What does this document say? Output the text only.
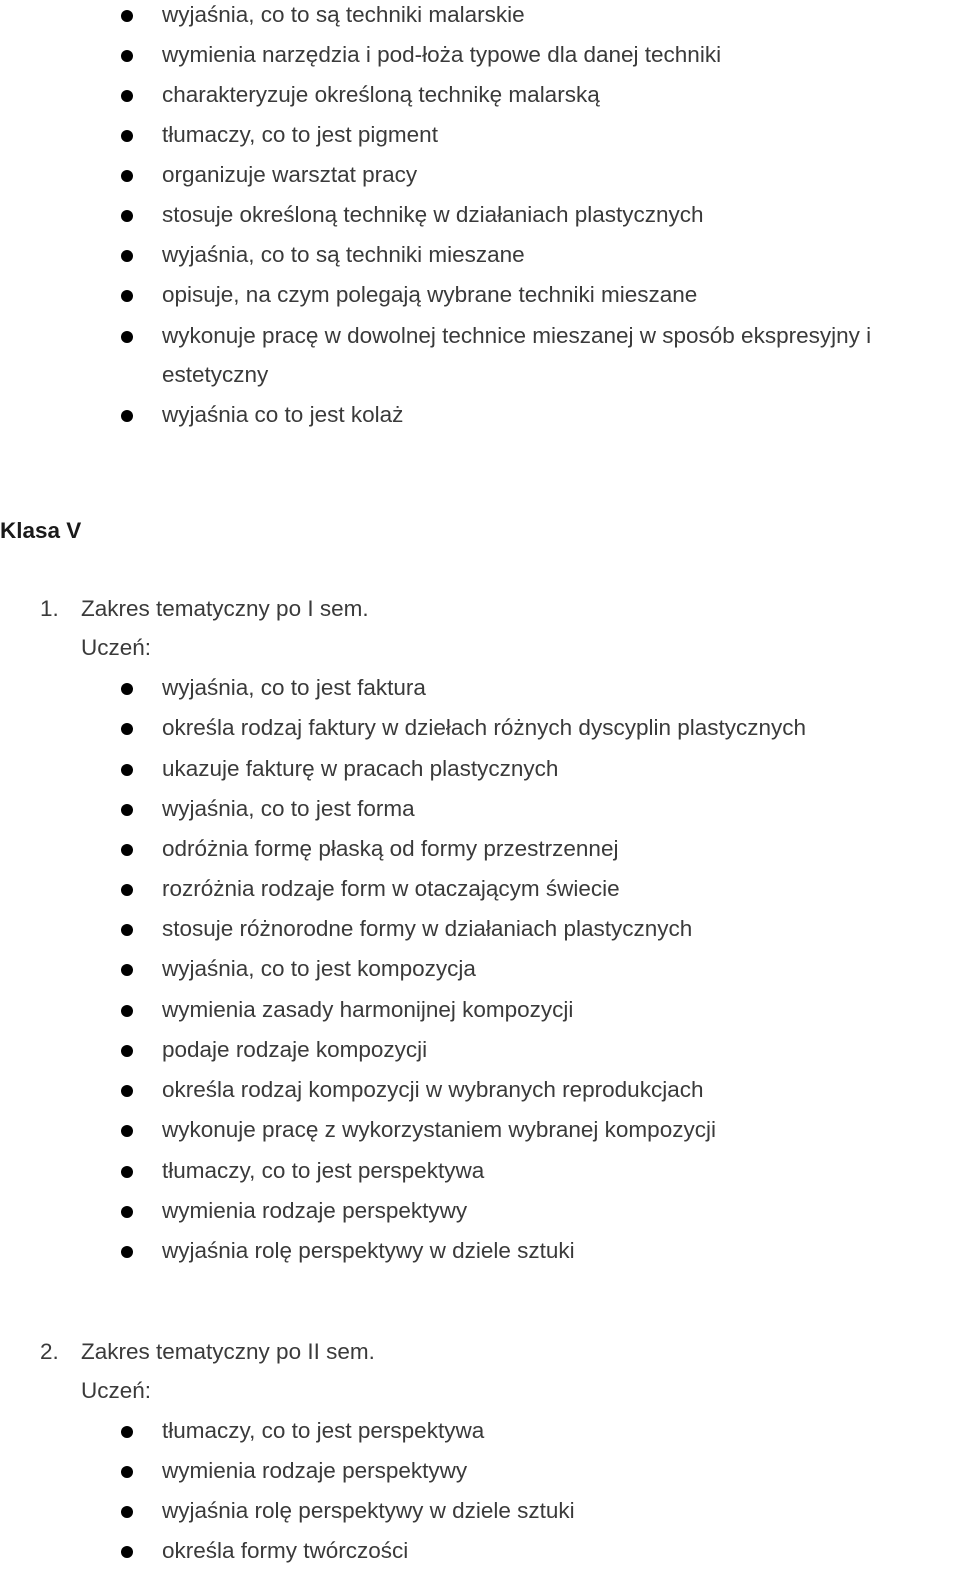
wyjaśnia, co to są techniki malarskie
wymienia narzędzia i pod-łoża typowe dla danej techniki
charakteryzuje określoną technikę malarską
tłumaczy, co to jest pigment
organizuje warsztat pracy
stosuje określoną technikę w działaniach plastycznych
wyjaśnia, co to są techniki mieszane
opisuje, na czym polegają wybrane techniki mieszane
wykonuje pracę w dowolnej technice mieszanej w sposób ekspresyjny i
estetyczny
wyjaśnia co to jest kolaż
Klasa V
1. Zakres tematyczny po I sem.
Uczeń:
wyjaśnia, co to jest faktura
określa rodzaj faktury w dziełach różnych dyscyplin plastycznych
ukazuje fakturę w pracach plastycznych
wyjaśnia, co to jest forma
odróżnia formę płaską od formy przestrzennej
rozróżnia rodzaje form w otaczającym świecie
stosuje różnorodne formy w działaniach plastycznych
wyjaśnia, co to jest kompozycja
wymienia zasady harmonijnej kompozycji
podaje rodzaje kompozycji
określa rodzaj kompozycji w wybranych reprodukcjach
wykonuje pracę z wykorzystaniem wybranej kompozycji
tłumaczy, co to jest perspektywa
wymienia rodzaje perspektywy
wyjaśnia rolę perspektywy w dziele sztuki
2. Zakres tematyczny po II sem.
Uczeń:
tłumaczy, co to jest perspektywa
wymienia rodzaje perspektywy
wyjaśnia rolę perspektywy w dziele sztuki
określa formy twórczości
